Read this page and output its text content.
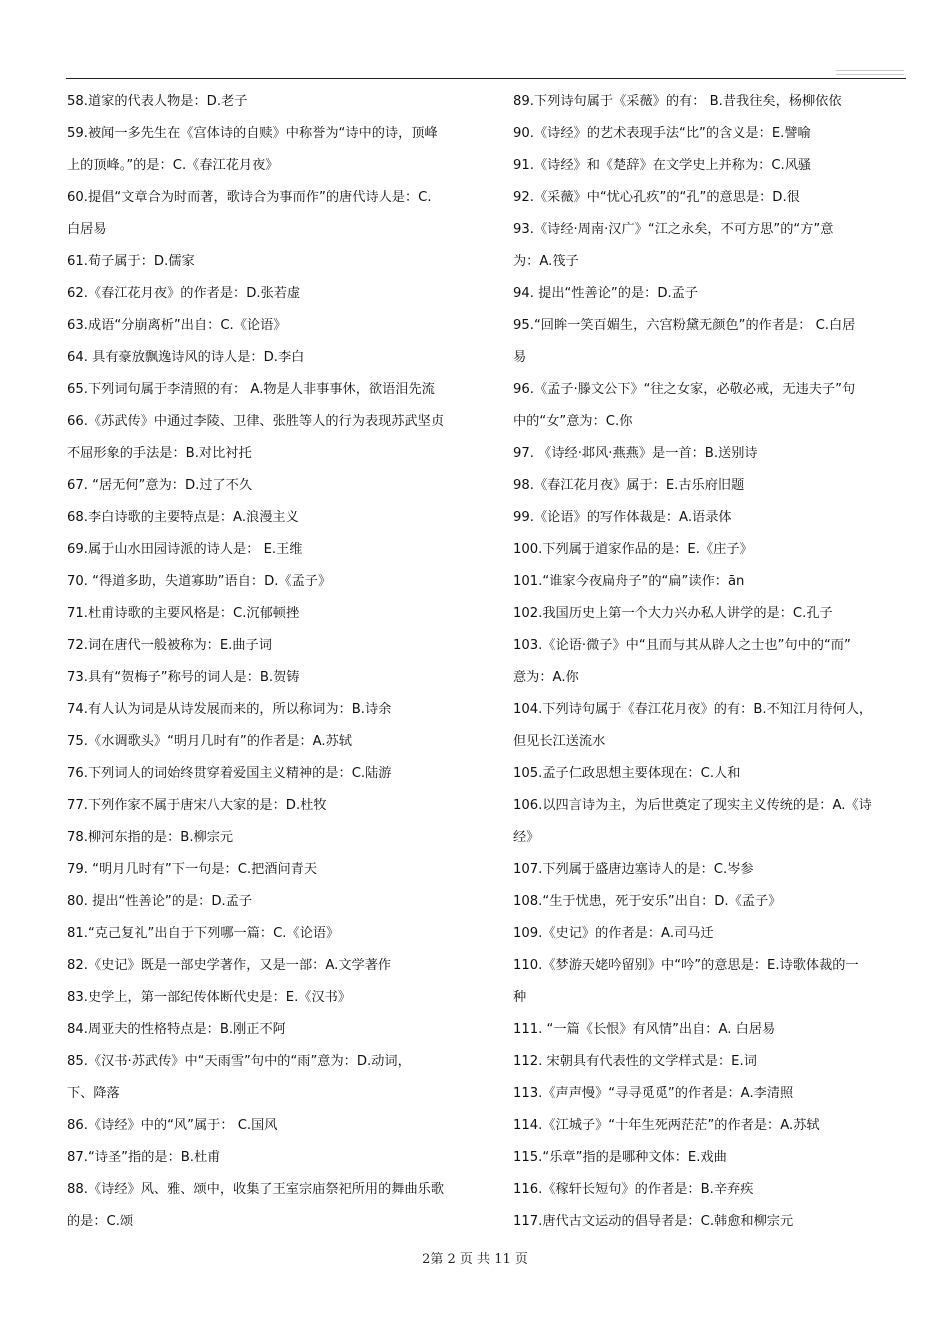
58.道家的代表人物是：D.老子
59.被闻一多先生在《宫体诗的自赎》中称誉为“诗中的诗，顶峰
上的顶峰。”的是：C.《春江花月夜》
60.提倡“文章合为时而著，歌诗合为事而作”的唐代诗人是：C.
白居易
61.荀子属于：D.儒家
62.《春江花月夜》的作者是：D.张若虚
63.成语“分崩离析”出自：C.《论语》
64. 具有豪放飘逸诗风的诗人是：D.李白
65.下列词句属于李清照的有： A.物是人非事事休，欲语泪先流
66.《苏武传》中通过李陵、卫律、张胜等人的行为表现苏武坚贞
不屈形象的手法是：B.对比衬托
67. “居无何”意为：D.过了不久
68.李白诗歌的主要特点是：A.浪漫主义
69.属于山水田园诗派的诗人是： E.王维
70. “得道多助，失道寡助”语自：D.《孟子》
71.杜甫诗歌的主要风格是：C.沉郁顿挫
72.词在唐代一般被称为：E.曲子词
73.具有“贺梅子”称号的词人是：B.贺铸
74.有人认为词是从诗发展而来的，所以称词为：B.诗余
75.《水调歌头》“明月几时有”的作者是：A.苏轼
76.下列词人的词始终贯穿着爱国主义精神的是：C.陆游
77.下列作家不属于唐宋八大家的是：D.杜牧
78.柳河东指的是：B.柳宗元
79. “明月几时有”下一句是：C.把酒问青天
80. 提出“性善论”的是：D.孟子
81.“克己复礼”出自于下列哪一篇：C.《论语》
82.《史记》既是一部史学著作，又是一部：A.文学著作
83.史学上，第一部纪传体断代史是：E.《汉书》
84.周亚夫的性格特点是：B.刚正不阿
85.《汉书·苏武传》中“天雨雪”句中的“雨”意为：D.动词，
下、降落
86.《诗经》中的“风”属于： C.国风
87.“诗圣”指的是：B.杜甫
88.《诗经》风、雅、颂中，收集了王室宗庙祭祀所用的舞曲乐歌
的是：C.颂
89.下列诗句属于《采薇》的有： B.昔我往矣，杨柳依依
90.《诗经》的艺术表现手法“比”的含义是：E.譬喻
91.《诗经》和《楚辞》在文学史上并称为：C.风骚
92.《采薇》中“忧心孔疚”的“孔”的意思是：D.很
93.《诗经·周南·汉广》“江之永矣，不可方思”的“方”意
为：A.筏子
94. 提出“性善论”的是：D.孟子
95.“回眸一笑百媚生，六宫粉黛无颜色”的作者是： C.白居
易
96.《孟子·滕文公下》“往之女家，必敬必戒，无违夫子”句
中的“女”意为：C.你
97. 《诗经·邶风·燕燕》是一首：B.送别诗
98.《春江花月夜》属于：E.古乐府旧题
99.《论语》的写作体裁是：A.语录体
100.下列属于道家作品的是：E.《庄子》
101.“谁家今夜扁舟子”的“扁”读作：ān
102.我国历史上第一个大力兴办私人讲学的是：C.孔子
103.《论语·微子》中“且而与其从辟人之士也”句中的“而”
意为：A.你
104.下列诗句属于《春江花月夜》的有：B.不知江月待何人，
但见长江送流水
105.孟子仁政思想主要体现在：C.人和
106.以四言诗为主，为后世奠定了现实主义传统的是：A.《诗
经》
107.下列属于盛唐边塞诗人的是：C.岑参
108.“生于忧患，死于安乐”出自：D.《孟子》
109.《史记》的作者是：A.司马迁
110.《梦游天姥吟留别》中“吟”的意思是：E.诗歌体裁的一
种
111. “一篇《长恨》有风情”出自：A. 白居易
112. 宋朝具有代表性的文学样式是：E.词
113.《声声慢》“寻寻觅觅”的作者是：A.李清照
114.《江城子》“十年生死两茫茫”的作者是：A.苏轼
115.“乐章”指的是哪种文体：E.戏曲
116.《稼轩长短句》的作者是：B.辛弃疾
117.唐代古文运动的倡导者是：C.韩愈和柳宗元
2第 2 页 共 11 页
